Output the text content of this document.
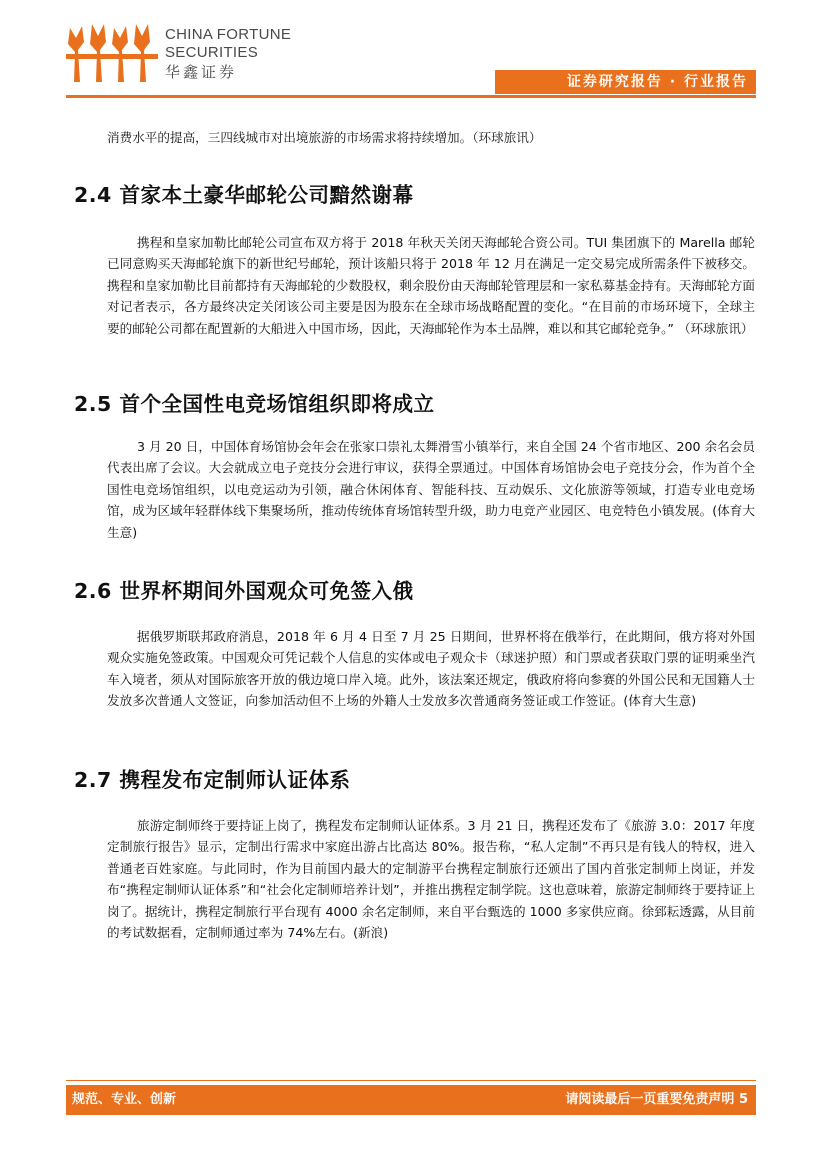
CHINA FORTUNE
SECURITIES
华鑫证券
证券研究报告 · 行业报告

消费水平的提高，三四线城市对出境旅游的市场需求将持续增加。（环球旅讯）

2.4 首家本土豪华邮轮公司黯然谢幕

携程和皇家加勒比邮轮公司宣布双方将于 2018 年秋天关闭天海邮轮合资公司。TUI 集团旗下的 Marella 邮轮已同意购买天海邮轮旗下的新世纪号邮轮，预计该船只将于 2018 年 12 月在满足一定交易完成所需条件下被移交。携程和皇家加勒比目前都持有天海邮轮的少数股权，剩余股份由天海邮轮管理层和一家私募基金持有。天海邮轮方面对记者表示，各方最终决定关闭该公司主要是因为股东在全球市场战略配置的变化。“在目前的市场环境下，全球主要的邮轮公司都在配置新的大船进入中国市场，因此，天海邮轮作为本土品牌，难以和其它邮轮竞争。” （环球旅讯）

2.5 首个全国性电竞场馆组织即将成立

3 月 20 日，中国体育场馆协会年会在张家口崇礼太舞滑雪小镇举行，来自全国 24 个省市地区、200 余名会员代表出席了会议。大会就成立电子竞技分会进行审议，获得全票通过。中国体育场馆协会电子竞技分会，作为首个全国性电竞场馆组织，以电竞运动为引领，融合休闲体育、智能科技、互动娱乐、文化旅游等领域，打造专业电竞场馆，成为区域年轻群体线下集聚场所，推动传统体育场馆转型升级，助力电竞产业园区、电竞特色小镇发展。(体育大生意)

2.6 世界杯期间外国观众可免签入俄

据俄罗斯联邦政府消息，2018 年 6 月 4 日至 7 月 25 日期间，世界杯将在俄举行，在此期间，俄方将对外国观众实施免签政策。中国观众可凭记载个人信息的实体或电子观众卡（球迷护照）和门票或者获取门票的证明乘坐汽车入境者，须从对国际旅客开放的俄边境口岸入境。此外，该法案还规定，俄政府将向参赛的外国公民和无国籍人士发放多次普通人文签证，向参加活动但不上场的外籍人士发放多次普通商务签证或工作签证。(体育大生意)

2.7 携程发布定制师认证体系

旅游定制师终于要持证上岗了，携程发布定制师认证体系。3 月 21 日，携程还发布了《旅游 3.0：2017 年度定制旅行报告》显示，定制出行需求中家庭出游占比高达 80%。报告称，“私人定制”不再只是有钱人的特权，进入普通老百姓家庭。与此同时，作为目前国内最大的定制游平台携程定制旅行还颁出了国内首张定制师上岗证，并发布“携程定制师认证体系”和“社会化定制师培养计划”，并推出携程定制学院。这也意味着，旅游定制师终于要持证上岗了。据统计，携程定制旅行平台现有 4000 余名定制师，来自平台甄选的 1000 多家供应商。徐郅耘透露，从目前的考试数据看，定制师通过率为 74%左右。(新浪)

规范、专业、创新	请阅读最后一页重要免责声明 5
